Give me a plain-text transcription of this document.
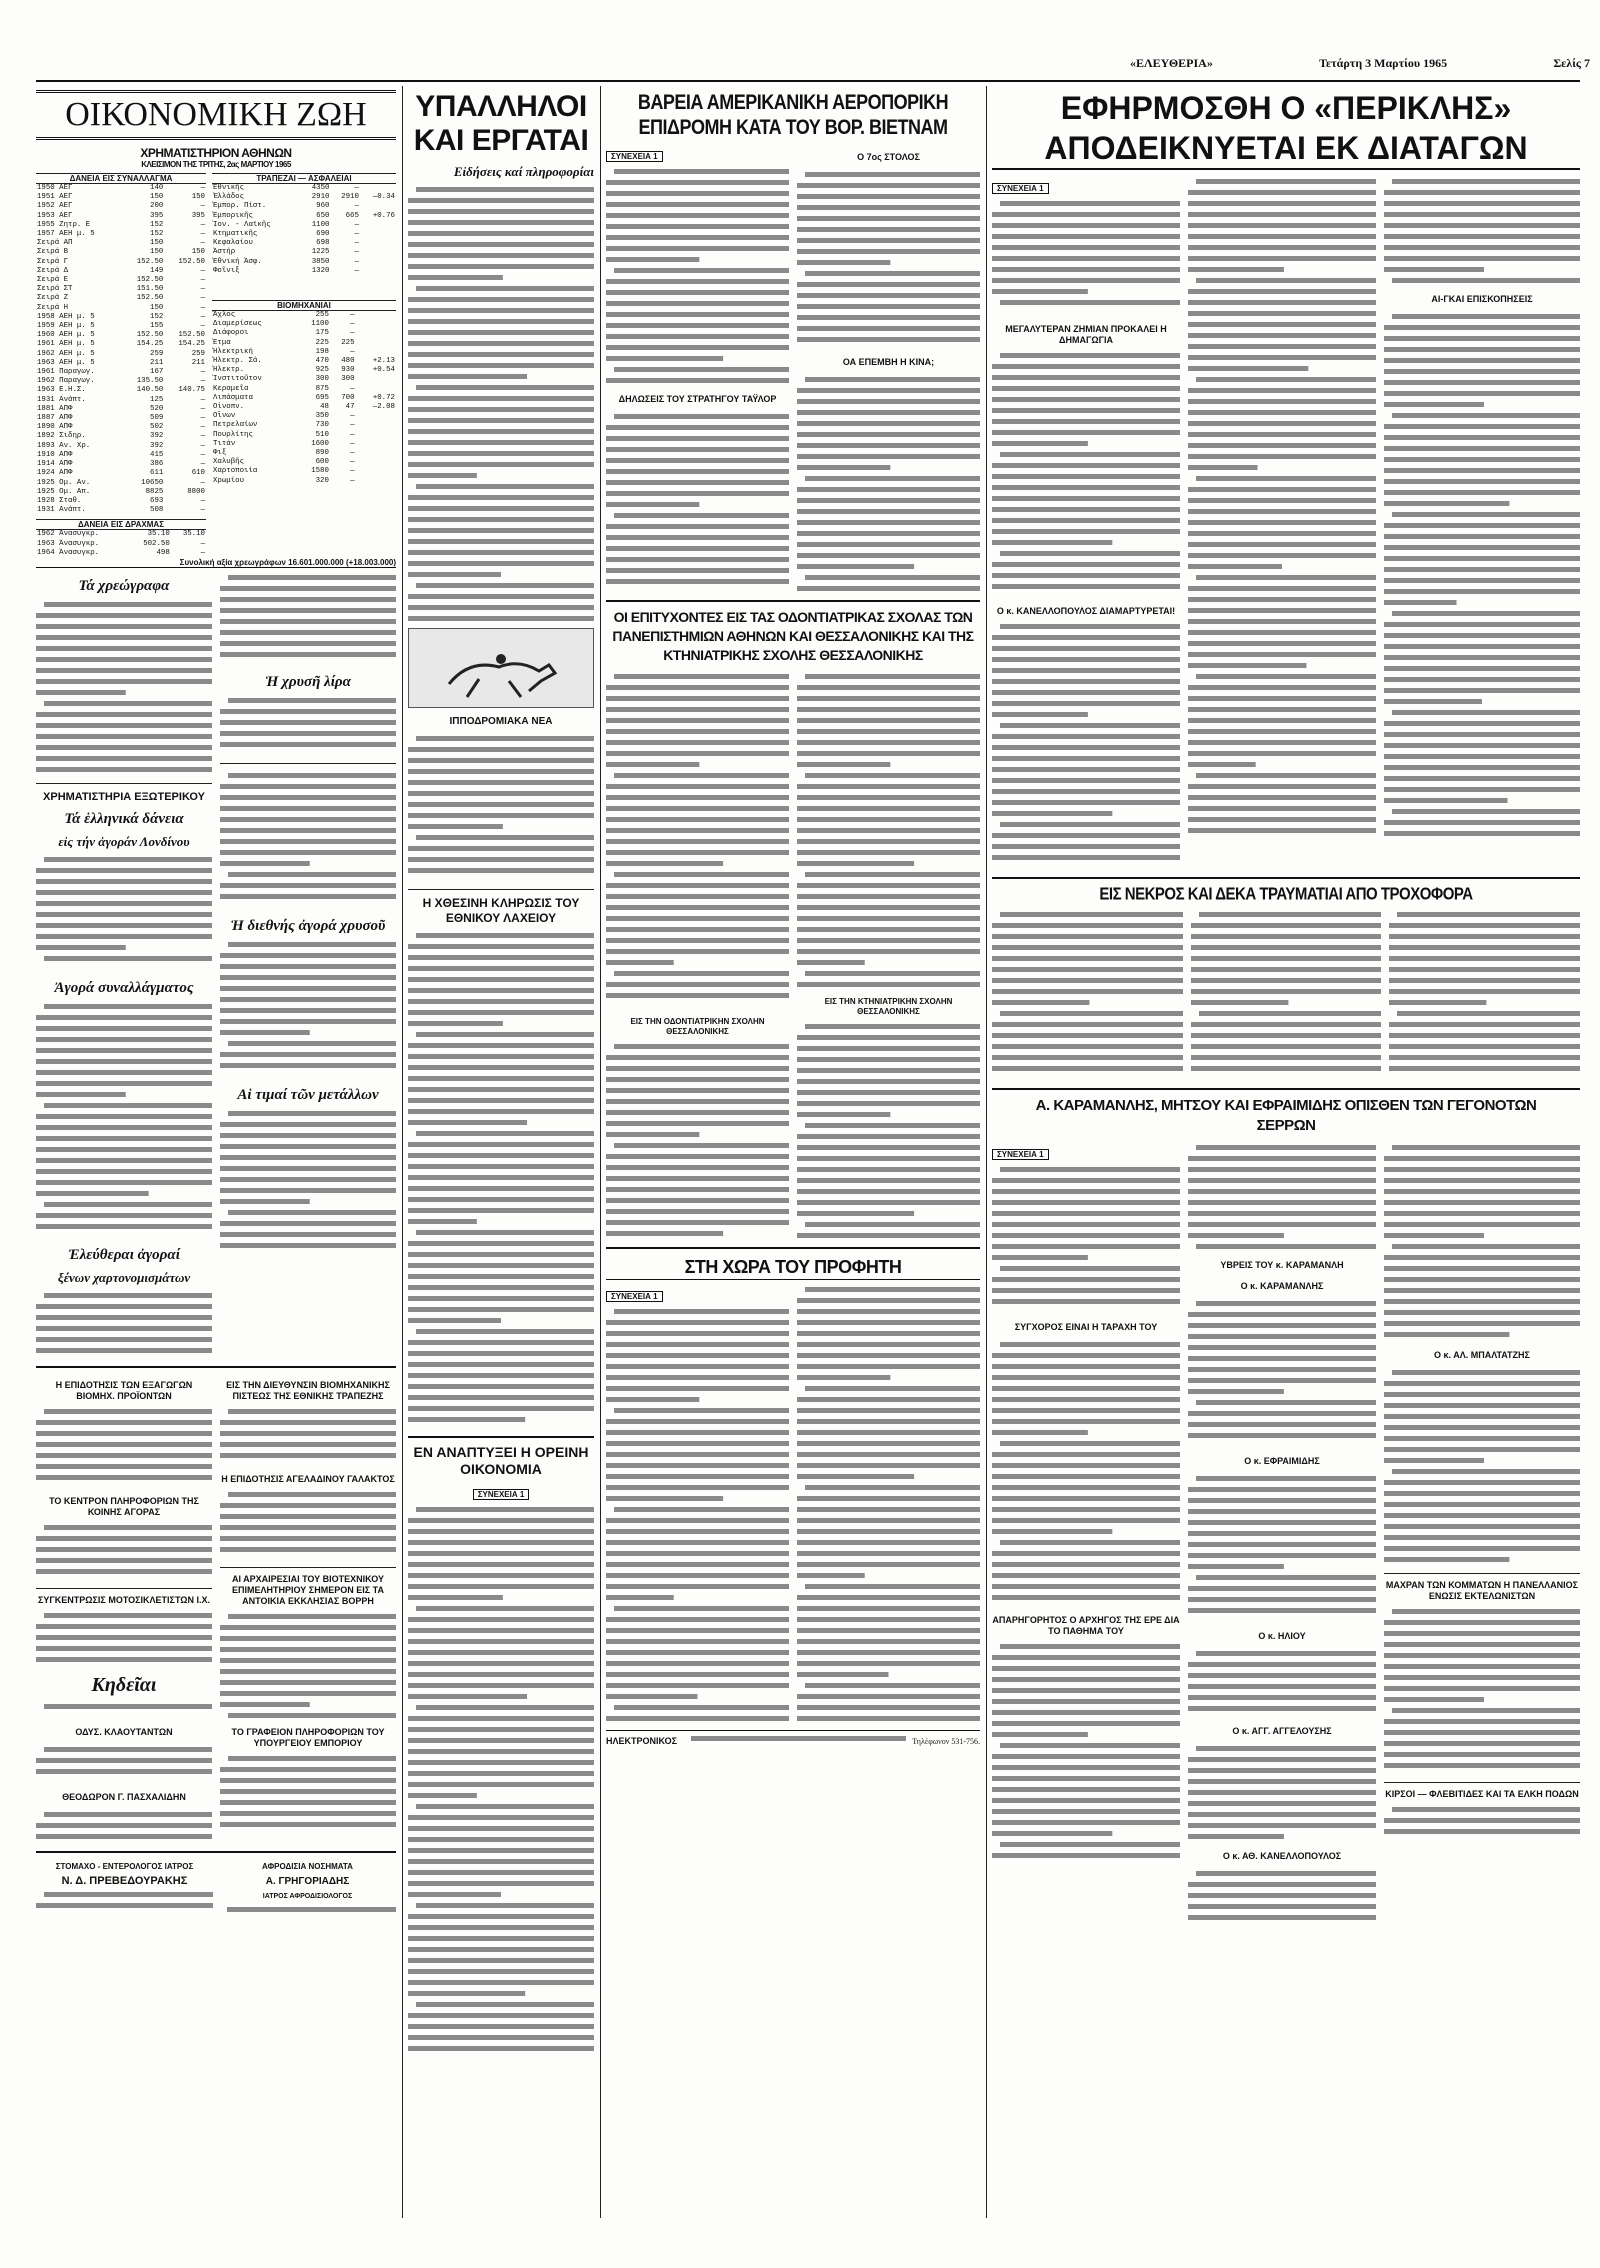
«ΕΛΕΥΘΕΡΙΑ»	Τετάρτη 3 Μαρτίου 1965	Σελίς 7
ΟΙΚΟΝΟΜΙΚΗ ΖΩΗ
ΧΡΗΜΑΤΙΣΤΗΡΙΟΝ ΑΘΗΝΩΝ
ΚΛΕΙΣΙΜΟΝ ΤΗΣ ΤΡΙΤΗΣ, 2ας ΜΑΡΤΙΟΥ 1965
ΔΑΝΕΙΑ ΕΙΣ ΣΥΝΑΛΛΑΓΜΑ
1950 ΑΕΓ	140	—
1951 ΑΕΓ	150	150
1952 ΑΕΓ	200	—
1953 ΑΕΓ	395	395
1955 Ζητρ. Ε	152	—
1957 ΑΕΗ μ. 5	152	—
Σειρά ΑΠ	150	—
Σειρά Β	150	150
Σειρά Γ	152.50	152.50
Σειρά Δ	149	—
Σειρά Ε	152.50	—
Σειρά ΣΤ	151.50	—
Σειρά Ζ	152.50	—
Σειρά Η	150	—
1958 ΑΕΗ μ. 5	152	—
1959 ΑΕΗ μ. 5	155	—
1960 ΑΕΗ μ. 5	152.50	152.50
1961 ΑΕΗ μ. 5	154.25	154.25
1962 ΑΕΗ μ. 5	259	259
1963 ΑΕΗ μ. 5	211	211
1961 Παραγωγ.	167	—
1962 Παραγωγ.	135.50	—
1963 Ε.Η.Σ.	140.50	140.75
1931 Ανάπτ.	125	—
1881 ΑΠΦ	520	—
1887 ΑΠΦ	509	—
1890 ΑΠΦ	502	—
1892 Σιδηρ.	392	—
1893 Αν. Χρ.	392	—
1910 ΑΠΦ	415	—
1914 ΑΠΦ	386	—
1924 ΑΠΦ	611	610
1925 Ομ. Αν.	10650	—
1925 Ομ. Απ.	8825	8800
1928 Σταθ.	693	—
1931 Ανάπτ.	508	—
ΤΡΑΠΕΖΑΙ — ΑΣΦΑΛΕΙΑΙ
Ἐθνικῆς	4350	—	
Ἑλλάδος	2910	2910	—0.34
Ἐμπορ. Πίστ.	960	—	
Ἐμπορικῆς	650	665	+0.76
Ἰον. - Λαϊκῆς	1100	—	
Κτηματικῆς	690	—	
Κεφαλαίου	698	—	
Ἀστήρ	1225	—	
Ἐθνική Ἀσφ.	3850	—	
Φοῖνιξ	1320	—	
ΒΙΟΜΗΧΑΝΙΑΙ
Ἄχλος	255	—	
Διαμερίσεως	1100	—	
Διάφοροι	175	—	
Ἐτμα	225	225	
Ἠλεκτρική	198	—	
Ἠλεκτρ. Σά.	470	480	+2.13
Ἠλεκτρ.	925	930	+0.54
Ἰνστιτοῦτον	300	300	
Κεραμεῖα	875	—	
Λιπάσματα	695	700	+0.72
Οἰνοπν.	48	47	—2.08
Οἴνων	350	—	
Πετρελαίων	730	—	
Πουρλίτης	510	—	
Τιτάν	1600	—	
Φιξ	890	—	
Χαλυβῆς	600	—	
Χαρτοποιία	1580	—	
Χρωμίου	320	—	
ΔΑΝΕΙΑ ΕΙΣ ΔΡΑΧΜΑΣ
1962 Ἀνασυγκρ.	35.10	35.10
1963 Ἀνασυγκρ.	502.50	—
1964 Ἀνασυγκρ.	498	—
Συνολική αξία χρεωγράφων 16.601.000.000 (+18.003.000)
Τά χρεώγραφα
ΧΡΗΜΑΤΙΣΤΗΡΙΑ ΕΞΩΤΕΡΙΚΟΥ
Τά ἑλληνικά δάνεια
εἰς τήν ἀγοράν Λονδίνου
Ἀγορά συναλλάγματος
Ἐλεύθεραι ἀγοραί
ξένων χαρτονομισμάτων
Ἡ χρυσῆ λίρα
Ἡ διεθνής ἀγορά χρυσοῦ
Αἱ τιμαί τῶν μετάλλων
Η ΕΠΙΔΟΤΗΣΙΣ ΤΩΝ ΕΞΑΓΩΓΩΝ ΒΙΟΜΗΧ. ΠΡΟΪΟΝΤΩΝ
ΤΟ ΚΕΝΤΡΟΝ ΠΛΗΡΟΦΟΡΙΩΝ ΤΗΣ ΚΟΙΝΗΣ ΑΓΟΡΑΣ
ΣΥΓΚΕΝΤΡΩΣΙΣ ΜΟΤΟΣΙΚΛΕΤΙΣΤΩΝ Ι.Χ.
Κηδεῖαι
ΟΔΥΣ. ΚΛΑΟΥΤΑΝΤΩΝ
ΘΕΟΔΩΡΟΝ Γ. ΠΑΣΧΑΛΙΔΗΝ
ΕΙΣ ΤΗΝ ΔΙΕΥΘΥΝΣΙΝ ΒΙΟΜΗΧΑΝΙΚΗΣ ΠΙΣΤΕΩΣ ΤΗΣ ΕΘΝΙΚΗΣ ΤΡΑΠΕΖΗΣ
Η ΕΠΙΔΟΤΗΣΙΣ ΑΓΕΛΑΔΙΝΟΥ ΓΑΛΑΚΤΟΣ
ΑΙ ΑΡΧΑΙΡΕΣΙΑΙ ΤΟΥ ΒΙΟΤΕΧΝΙΚΟΥ ΕΠΙΜΕΛΗΤΗΡΙΟΥ ΣΗΜΕΡΟΝ ΕΙΣ ΤΑ ΑΝΤΟΙΚΙΑ ΕΚΚΛΗΣΙΑΣ ΒΟΡΡΗ
ΤΟ ΓΡΑΦΕΙΟΝ ΠΛΗΡΟΦΟΡΙΩΝ ΤΟΥ ΥΠΟΥΡΓΕΙΟΥ ΕΜΠΟΡΙΟΥ
ΣΤΟΜΑΧΟ - ΕΝΤΕΡΟΛΟΓΟΣ ΙΑΤΡΟΣ
Ν. Δ. ΠΡΕΒΕΔΟΥΡΑΚΗΣ
ΑΦΡΟΔΙΣΙΑ ΝΟΣΗΜΑΤΑ
Α. ΓΡΗΓΟΡΙΑΔΗΣ
ΙΑΤΡΟΣ ΑΦΡΟΔΙΣΙΟΛΟΓΟΣ
ΥΠΑΛΛΗΛΟΙ
ΚΑΙ ΕΡΓΑΤΑΙ
Εἰδήσεις καί πληροφορίαι
ΙΠΠΟΔΡΟΜΙΑΚΑ ΝΕΑ
Η ΧΘΕΣΙΝΗ ΚΛΗΡΩΣΙΣ ΤΟΥ ΕΘΝΙΚΟΥ ΛΑΧΕΙΟΥ
ΕΝ ΑΝΑΠΤΥΞΕΙ Η ΟΡΕΙΝΗ ΟΙΚΟΝΟΜΙΑ
ΣΥΝΕΧΕΙΑ 1
ΒΑΡΕΙΑ ΑΜΕΡΙΚΑΝΙΚΗ ΑΕΡΟΠΟΡΙΚΗ
ΕΠΙΔΡΟΜΗ ΚΑΤΑ ΤΟΥ ΒΟΡ. ΒΙΕΤΝΑΜ
ΣΥΝΕΧΕΙΑ 1
ΔΗΛΩΣΕΙΣ ΤΟΥ ΣΤΡΑΤΗΓΟΥ ΤΑΫΛΟΡ
Ο 7ος ΣΤΟΛΟΣ
ΟΑ ΕΠΕΜΒΗ Η ΚΙΝΑ;
ΟΙ ΕΠΙΤΥΧΟΝΤΕΣ ΕΙΣ ΤΑΣ ΟΔΟΝΤΙΑΤΡΙΚΑΣ ΣΧΟΛΑΣ ΤΩΝ ΠΑΝΕΠΙΣΤΗΜΙΩΝ ΑΘΗΝΩΝ ΚΑΙ ΘΕΣΣΑΛΟΝΙΚΗΣ ΚΑΙ ΤΗΣ ΚΤΗΝΙΑΤΡΙΚΗΣ ΣΧΟΛΗΣ ΘΕΣΣΑΛΟΝΙΚΗΣ
ΕΙΣ ΤΗΝ ΟΔΟΝΤΙΑΤΡΙΚΗΝ ΣΧΟΛΗΝ ΘΕΣΣΑΛΟΝΙΚΗΣ
ΕΙΣ ΤΗΝ ΚΤΗΝΙΑΤΡΙΚΗΝ ΣΧΟΛΗΝ ΘΕΣΣΑΛΟΝΙΚΗΣ
ΣΤΗ ΧΩΡΑ ΤΟΥ ΠΡΟΦΗΤΗ
ΣΥΝΕΧΕΙΑ 1
ΗΛΕΚΤΡΟΝΙΚΟΣ	Τηλέφωνον 531-756.
ΕΦΗΡΜΟΣΘΗ Ο «ΠΕΡΙΚΛΗΣ»
ΑΠΟΔΕΙΚΝΥΕΤΑΙ ΕΚ ΔΙΑΤΑΓΩΝ
ΣΥΝΕΧΕΙΑ 1
ΜΕΓΑΛΥΤΕΡΑΝ ΖΗΜΙΑΝ ΠΡΟΚΑΛΕΙ Η ΔΗΜΑΓΩΓΙΑ
Ο κ. ΚΑΝΕΛΛΟΠΟΥΛΟΣ ΔΙΑΜΑΡΤΥΡΕΤΑΙ!
ΑΙ-ΓΚΑΙ ΕΠΙΣΚΟΠΗΣΕΙΣ
ΕΙΣ ΝΕΚΡΟΣ ΚΑΙ ΔΕΚΑ ΤΡΑΥΜΑΤΙΑΙ ΑΠΟ ΤΡΟΧΟΦΟΡΑ
Α. ΚΑΡΑΜΑΝΛΗΣ, ΜΗΤΣΟΥ ΚΑΙ ΕΦΡΑΙΜΙΔΗΣ ΟΠΙΣΘΕΝ ΤΩΝ ΓΕΓΟΝΟΤΩΝ ΣΕΡΡΩΝ
ΣΥΝΕΧΕΙΑ 1
ΣΥΓΧΟΡΟΣ ΕΙΝΑΙ Η ΤΑΡΑΧΗ ΤΟΥ
ΑΠΑΡΗΓΟΡΗΤΟΣ Ο ΑΡΧΗΓΟΣ ΤΗΣ ΕΡΕ ΔΙΑ ΤΟ ΠΑΘΗΜΑ ΤΟΥ
ΥΒΡΕΙΣ ΤΟΥ κ. ΚΑΡΑΜΑΝΛΗ
Ο κ. ΚΑΡΑΜΑΝΛΗΣ
Ο κ. ΕΦΡΑΙΜΙΔΗΣ
Ο κ. ΗΛΙΟΥ
Ο κ. ΑΓΓ. ΑΓΓΕΛΟΥΣΗΣ
Ο κ. ΑΘ. ΚΑΝΕΛΛΟΠΟΥΛΟΣ
Ο κ. ΑΛ. ΜΠΑΛΤΑΤΖΗΣ
ΜΑΧΡΑΝ ΤΩΝ ΚΟΜΜΑΤΩΝ Η ΠΑΝΕΛΛΑΝΙΟΣ ΕΝΩΣΙΣ ΕΚΤΕΛΩΝΙΣΤΩΝ
ΚΙΡΣΟΙ — ΦΛΕΒΙΤΙΔΕΣ ΚΑΙ ΤΑ ΕΛΚΗ ΠΟΔΩΝ
